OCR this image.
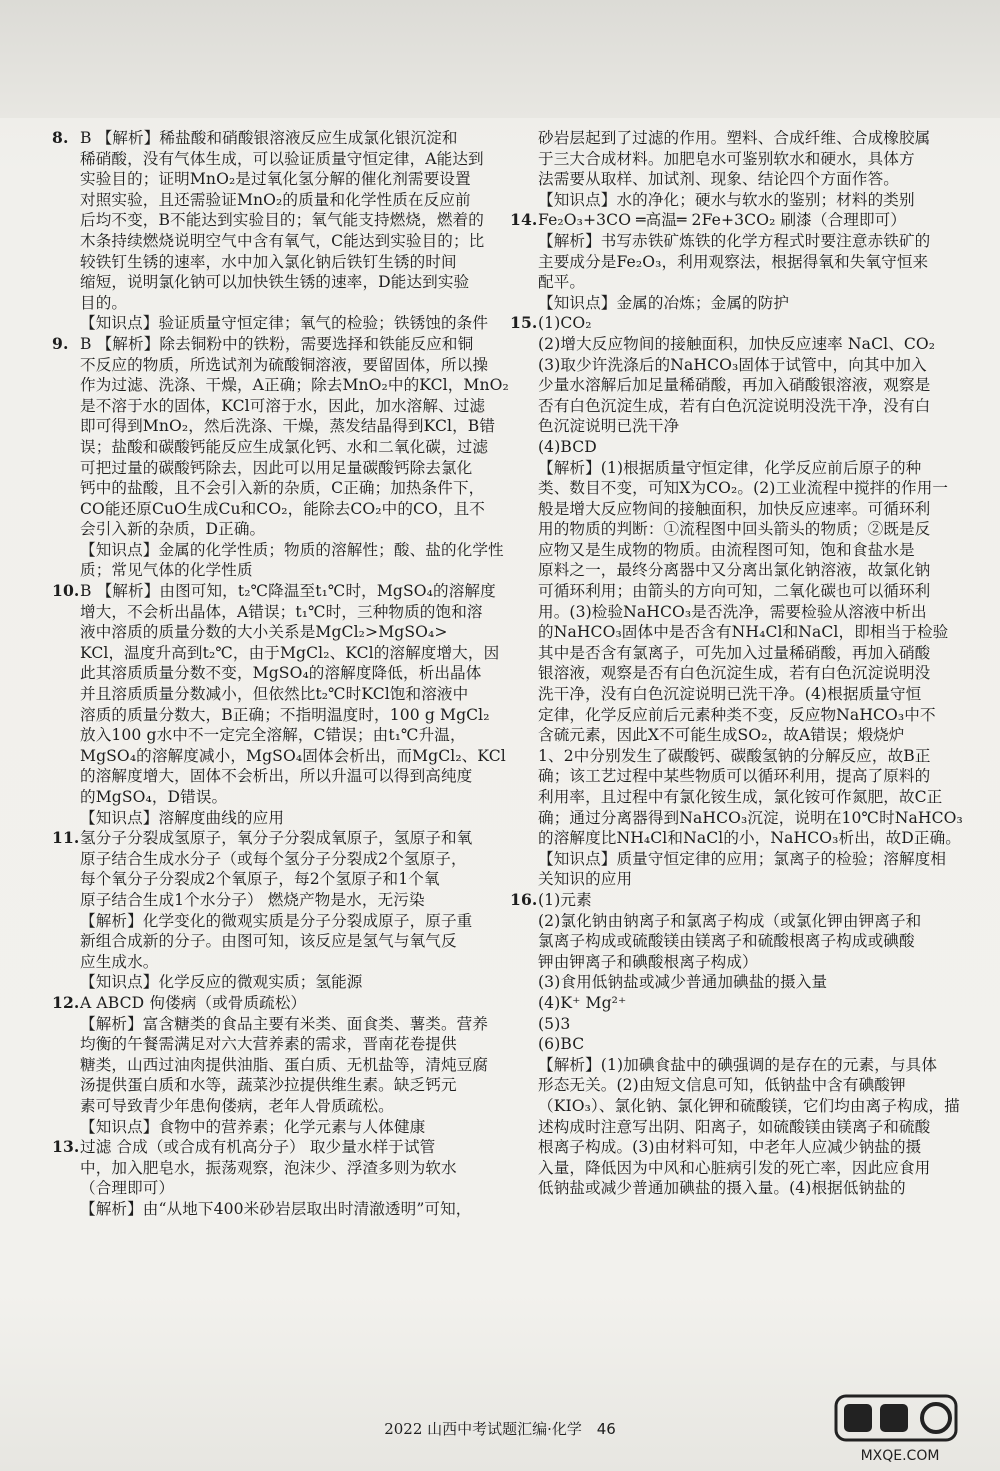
8. B 【解析】稀盐酸和硝酸银溶液反应生成氯化银沉淀和
稀硝酸，没有气体生成，可以验证质量守恒定律，A能达到
实验目的；证明MnO₂是过氧化氢分解的催化剂需要设置
对照实验，且还需验证MnO₂的质量和化学性质在反应前
后均不变，B不能达到实验目的；氧气能支持燃烧，燃着的
木条持续燃烧说明空气中含有氧气，C能达到实验目的；比
较铁钉生锈的速率，水中加入氯化钠后铁钉生锈的时间
缩短，说明氯化钠可以加快铁生锈的速率，D能达到实验
目的。
【知识点】验证质量守恒定律；氧气的检验；铁锈蚀的条件
9. B 【解析】除去铜粉中的铁粉，需要选择和铁能反应和铜
不反应的物质，所选试剂为硫酸铜溶液，要留固体，所以操
作为过滤、洗涤、干燥，A正确；除去MnO₂中的KCl，MnO₂
是不溶于水的固体，KCl可溶于水，因此，加水溶解、过滤
即可得到MnO₂，然后洗涤、干燥，蒸发结晶得到KCl，B错
误；盐酸和碳酸钙能反应生成氯化钙、水和二氧化碳，过滤
可把过量的碳酸钙除去，因此可以用足量碳酸钙除去氯化
钙中的盐酸，且不会引入新的杂质，C正确；加热条件下，
CO能还原CuO生成Cu和CO₂，能除去CO₂中的CO，且不
会引入新的杂质，D正确。
【知识点】金属的化学性质；物质的溶解性；酸、盐的化学性
质；常见气体的化学性质
10. B 【解析】由图可知，t₂℃降温至t₁℃时，MgSO₄的溶解度
增大，不会析出晶体，A错误；t₁℃时，三种物质的饱和溶
液中溶质的质量分数的大小关系是MgCl₂>MgSO₄>
KCl，温度升高到t₂℃，由于MgCl₂、KCl的溶解度增大，因
此其溶质质量分数不变，MgSO₄的溶解度降低，析出晶体
并且溶质质量分数减小，但依然比t₂℃时KCl饱和溶液中
溶质的质量分数大，B正确；不指明温度时，100 g MgCl₂
放入100 g水中不一定完全溶解，C错误；由t₁℃升温，
MgSO₄的溶解度减小，MgSO₄固体会析出，而MgCl₂、KCl
的溶解度增大，固体不会析出，所以升温可以得到高纯度
的MgSO₄，D错误。
【知识点】溶解度曲线的应用
11. 氢分子分裂成氢原子，氧分子分裂成氧原子，氢原子和氧
原子结合生成水分子（或每个氢分子分裂成2个氢原子，
每个氧分子分裂成2个氧原子，每2个氢原子和1个氧
原子结合生成1个水分子） 燃烧产物是水，无污染
【解析】化学变化的微观实质是分子分裂成原子，原子重
新组合成新的分子。由图可知，该反应是氢气与氧气反
应生成水。
【知识点】化学反应的微观实质；氢能源
12. A ABCD 佝偻病（或骨质疏松）
【解析】富含糖类的食品主要有米类、面食类、薯类。营养
均衡的午餐需满足对六大营养素的需求，晋南花卷提供
糖类，山西过油肉提供油脂、蛋白质、无机盐等，清炖豆腐
汤提供蛋白质和水等，蔬菜沙拉提供维生素。缺乏钙元
素可导致青少年患佝偻病，老年人骨质疏松。
【知识点】食物中的营养素；化学元素与人体健康
13. 过滤 合成（或合成有机高分子） 取少量水样于试管
中，加入肥皂水，振荡观察，泡沫少、浮渣多则为软水
（合理即可）
【解析】由“从地下400米砂岩层取出时清澈透明”可知，
砂岩层起到了过滤的作用。塑料、合成纤维、合成橡胶属
于三大合成材料。加肥皂水可鉴别软水和硬水，具体方
法需要从取样、加试剂、现象、结论四个方面作答。
【知识点】水的净化；硬水与软水的鉴别；材料的类别
14. Fe₂O₃+3CO ═高温═ 2Fe+3CO₂ 刷漆（合理即可）
【解析】书写赤铁矿炼铁的化学方程式时要注意赤铁矿的
主要成分是Fe₂O₃，利用观察法，根据得氧和失氧守恒来
配平。
【知识点】金属的冶炼；金属的防护
15. (1)CO₂
(2)增大反应物间的接触面积，加快反应速率 NaCl、CO₂
(3)取少许洗涤后的NaHCO₃固体于试管中，向其中加入
少量水溶解后加足量稀硝酸，再加入硝酸银溶液，观察是
否有白色沉淀生成，若有白色沉淀说明没洗干净，没有白
色沉淀说明已洗干净
(4)BCD
【解析】(1)根据质量守恒定律，化学反应前后原子的种
类、数目不变，可知X为CO₂。(2)工业流程中搅拌的作用一
般是增大反应物间的接触面积，加快反应速率。可循环利
用的物质的判断：①流程图中回头箭头的物质；②既是反
应物又是生成物的物质。由流程图可知，饱和食盐水是
原料之一，最终分离器中又分离出氯化钠溶液，故氯化钠
可循环利用；由箭头的方向可知，二氧化碳也可以循环利
用。(3)检验NaHCO₃是否洗净，需要检验从溶液中析出
的NaHCO₃固体中是否含有NH₄Cl和NaCl，即相当于检验
其中是否含有氯离子，可先加入过量稀硝酸，再加入硝酸
银溶液，观察是否有白色沉淀生成，若有白色沉淀说明没
洗干净，没有白色沉淀说明已洗干净。(4)根据质量守恒
定律，化学反应前后元素种类不变，反应物NaHCO₃中不
含硫元素，因此X不可能生成SO₂，故A错误；煅烧炉
1、2中分别发生了碳酸钙、碳酸氢钠的分解反应，故B正
确；该工艺过程中某些物质可以循环利用，提高了原料的
利用率，且过程中有氯化铵生成，氯化铵可作氮肥，故C正
确；通过分离器得到NaHCO₃沉淀，说明在10℃时NaHCO₃
的溶解度比NH₄Cl和NaCl的小，NaHCO₃析出，故D正确。
【知识点】质量守恒定律的应用；氯离子的检验；溶解度相
关知识的应用
16. (1)元素
(2)氯化钠由钠离子和氯离子构成（或氯化钾由钾离子和
氯离子构成或硫酸镁由镁离子和硫酸根离子构成或碘酸
钾由钾离子和碘酸根离子构成）
(3)食用低钠盐或减少普通加碘盐的摄入量
(4)K⁺ Mg²⁺
(5)3
(6)BC
【解析】(1)加碘食盐中的碘强调的是存在的元素，与具体
形态无关。(2)由短文信息可知，低钠盐中含有碘酸钾
（KIO₃）、氯化钠、氯化钾和硫酸镁，它们均由离子构成，描
述构成时注意写出阴、阳离子，如硫酸镁由镁离子和硫酸
根离子构成。(3)由材料可知，中老年人应减少钠盐的摄
入量，降低因为中风和心脏病引发的死亡率，因此应食用
低钠盐或减少普通加碘盐的摄入量。(4)根据低钠盐的
2022 山西中考试题汇编·化学 46
MXQE.COM
